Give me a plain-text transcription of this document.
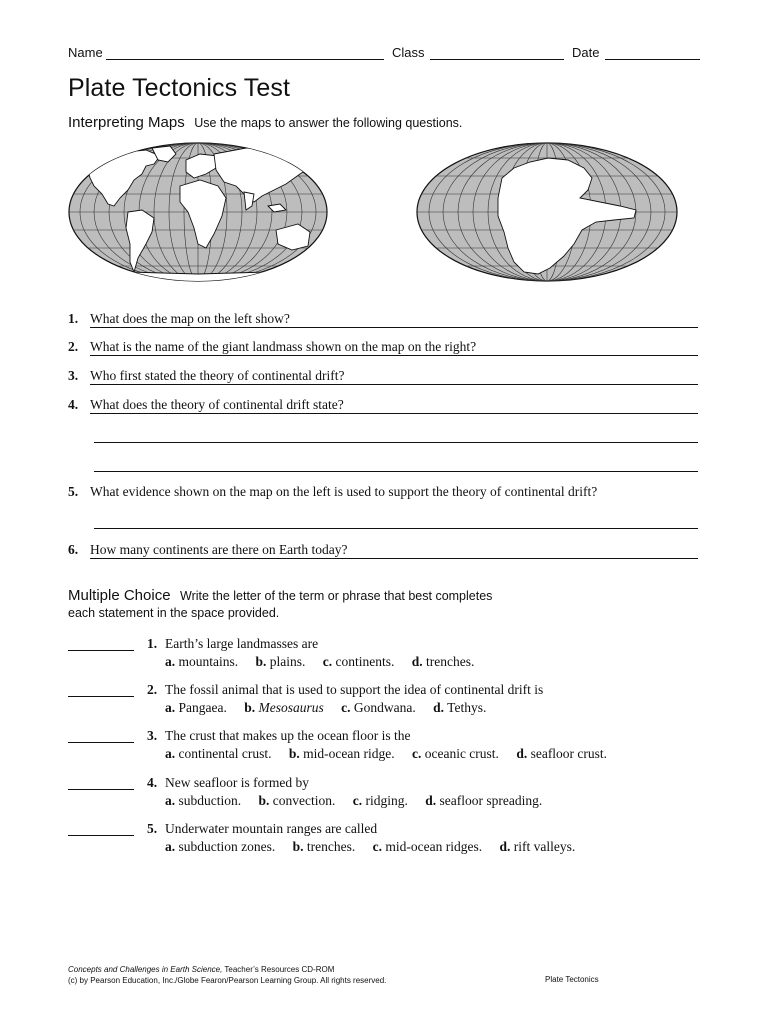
Name	Class	Date
Plate Tectonics Test
Interpreting Maps Use the maps to answer the following questions.
1. What does the map on the left show?
2. What is the name of the giant landmass shown on the map on the right?
3. Who first stated the theory of continental drift?
4. What does the theory of continental drift state?
5. What evidence shown on the map on the left is used to support the theory of continental drift?
6. How many continents are there on Earth today?
Multiple Choice Write the letter of the term or phrase that best completes
each statement in the space provided.
1. Earth’s large landmasses are
a. mountains. b. plains. c. continents. d. trenches.
2. The fossil animal that is used to support the idea of continental drift is
a. Pangaea. b. Mesosaurus c. Gondwana. d. Tethys.
3. The crust that makes up the ocean floor is the
a. continental crust. b. mid-ocean ridge. c. oceanic crust. d. seafloor crust.
4. New seafloor is formed by
a. subduction. b. convection. c. ridging. d. seafloor spreading.
5. Underwater mountain ranges are called
a. subduction zones. b. trenches. c. mid-ocean ridges. d. rift valleys.
Concepts and Challenges in Earth Science, Teacher’s Resources CD-ROM
(c) by Pearson Education, Inc./Globe Fearon/Pearson Learning Group. All rights reserved.	Plate Tectonics
